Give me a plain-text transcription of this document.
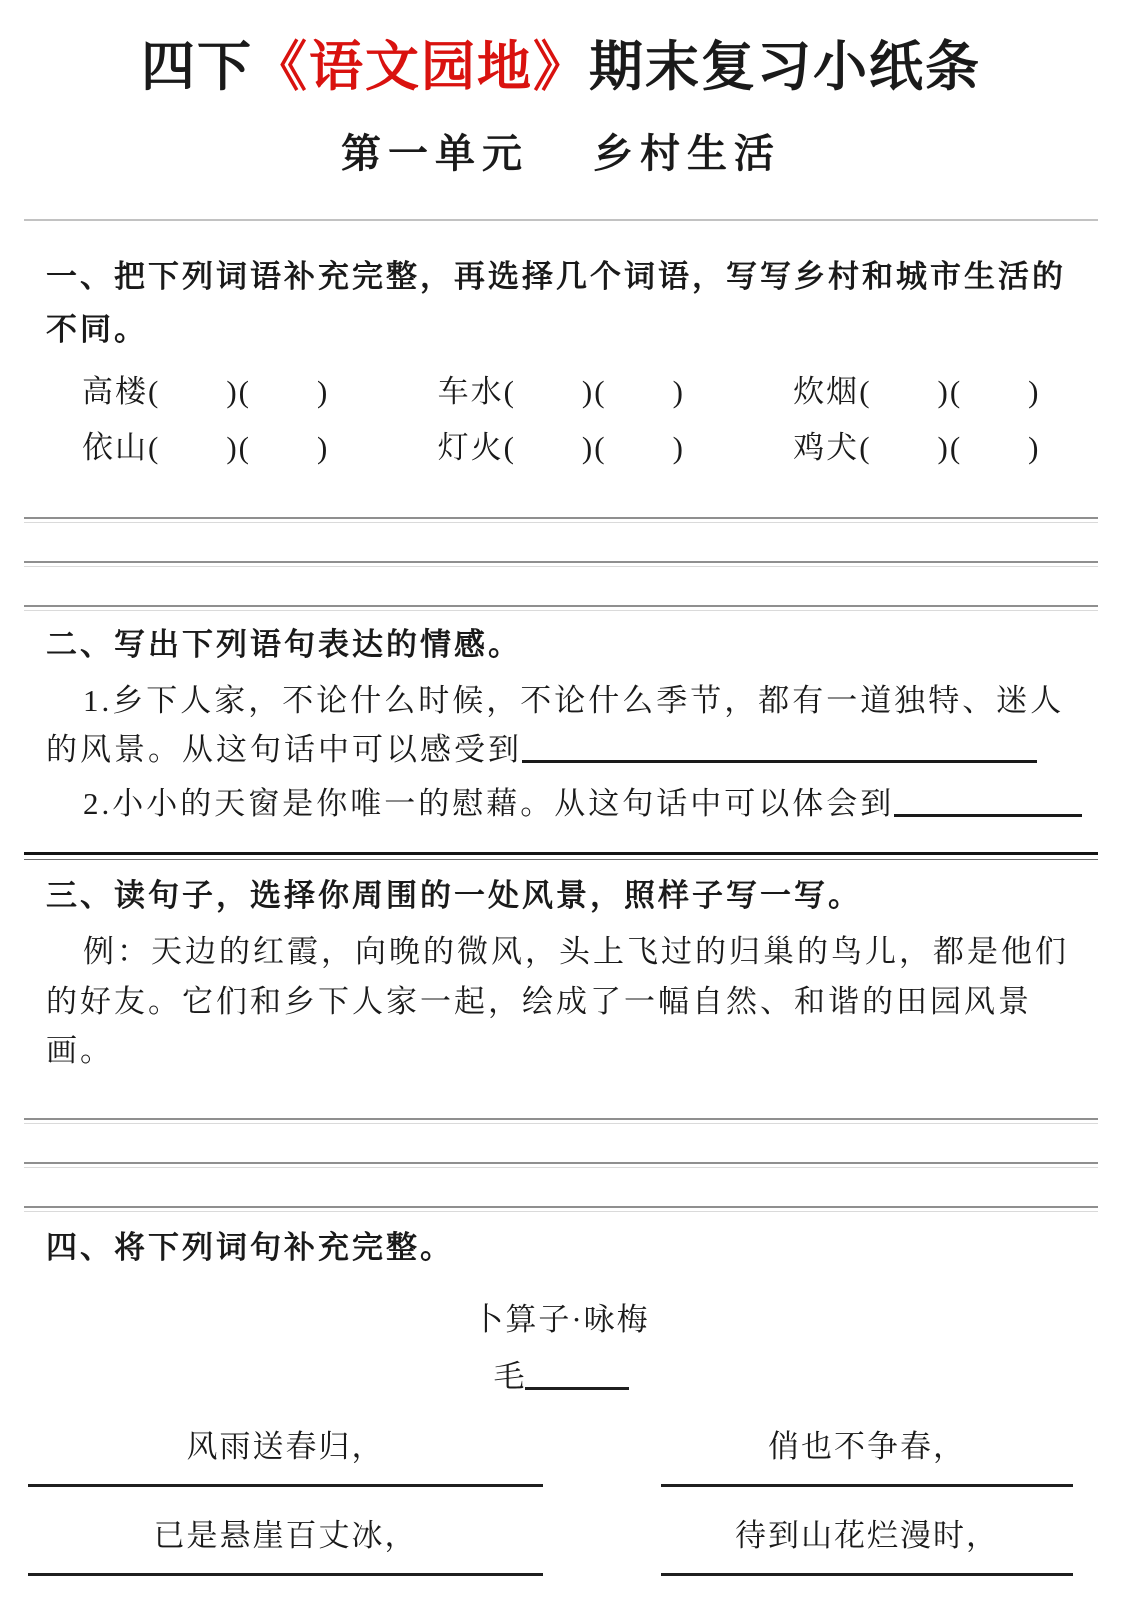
四下《语文园地》期末复习小纸条
第一单元　 乡村生活

一、把下列词语补充完整，再选择几个词语，写写乡村和城市生活的不同。

高楼(　　)(　　)	车水(　　)(　　)	炊烟(　　)(　　)
依山(　　)(　　)	灯火(　　)(　　)	鸡犬(　　)(　　)

二、写出下列语句表达的情感。

1.乡下人家，不论什么时候，不论什么季节，都有一道独特、迷人的风景。从这句话中可以感受到

2.小小的天窗是你唯一的慰藉。从这句话中可以体会到

三、读句子，选择你周围的一处风景，照样子写一写。

例：天边的红霞，向晚的微风，头上飞过的归巢的鸟儿，都是他们的好友。它们和乡下人家一起，绘成了一幅自然、和谐的田园风景画。

四、将下列词句补充完整。

卜算子·咏梅
毛
风雨送春归，
已是悬崖百丈冰，
俏也不争春，
待到山花烂漫时，
